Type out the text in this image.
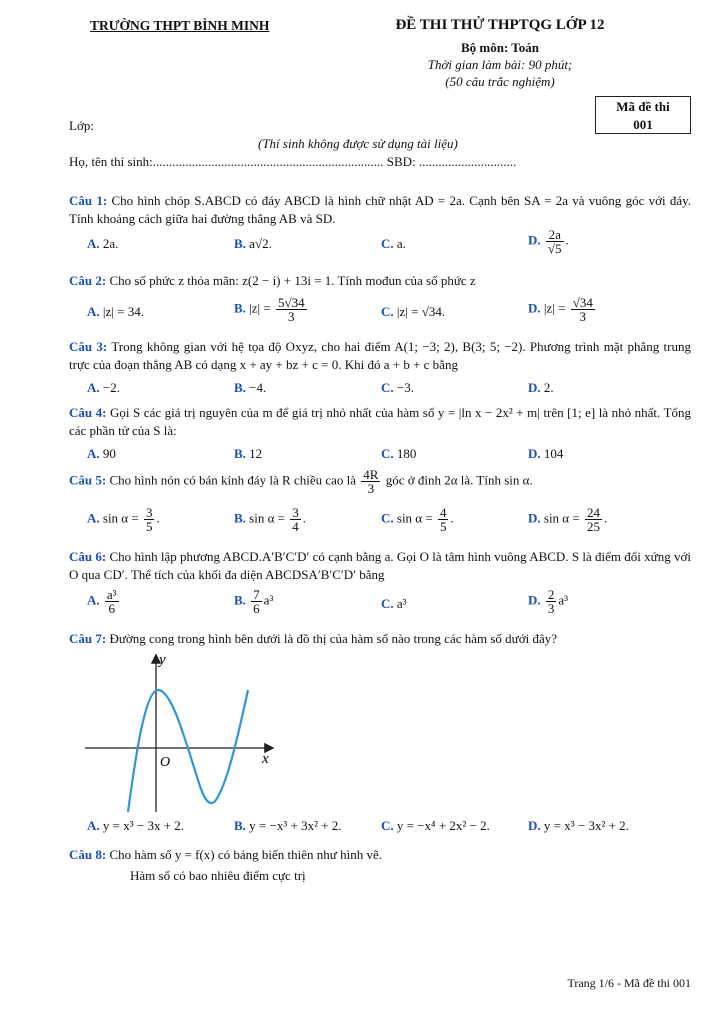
TRƯỜNG THPT BÌNH MINH	ĐỀ THI THỬ THPTQG LỚP 12
Bộ môn: Toán
Thời gian làm bài: 90 phút;
(50 câu trắc nghiệm)
Mã đề thi
001
Lớp:
(Thí sinh không được sử dụng tài liệu)
Họ, tên thí sinh:....................................................................... SBD: ..............................
Câu 1: Cho hình chóp S.ABCD có đáy ABCD là hình chữ nhật AD = 2a. Cạnh bên SA = 2a và vuông góc với đáy. Tính khoảng cách giữa hai đường thẳng AB và SD.
A. 2a.	B. a√2.	C. a.	D. $\frac{2a}{√5}$ .
Câu 2: Cho số phức z thỏa mãn: z(2 − i) + 13i = 1. Tính mođun của số phức z
A. |z| = 34.	B. $|z| = \frac{5√34}{3}$	C. |z| = √34.	D. $|z| = \frac{√34}{3}$
Câu 3: Trong không gian với hệ tọa độ Oxyz, cho hai điểm A(1; −3; 2), B(3; 5; −2). Phương trình mặt phẳng trung trực của đoạn thẳng AB có dạng x + ay + bz + c = 0. Khi đó a + b + c bằng
A. −2.	B. −4.	C. −3.	D. 2.
Câu 4: Gọi S các giá trị nguyên của m để giá trị nhỏ nhất của hàm số y = |ln x − 2x² + m| trên [1; e] là nhỏ nhất. Tổng các phần tử của S là:
A. 90	B. 12	C. 180	D. 104
Câu 5: Cho hình nón có bán kính đáy là R chiều cao là $\frac{4R}{3}$ góc ở đỉnh 2α là. Tính sin α.
A. $\sin \alpha = \frac{3}{5}$ .	B. $\sin \alpha = \frac{3}{4}$ .	C. $\sin \alpha = \frac{4}{5}$ .	D. $\sin \alpha = \frac{24}{25}$ .
Câu 6: Cho hình lập phương ABCD.A′B′C′D′ có cạnh bằng a. Gọi O là tâm hình vuông ABCD. S là điểm đối xứng với O qua CD′. Thể tích của khối đa diện ABCDSA′B′C′D′ bằng
A. $\frac{\text{a³}}{6}$	B. $\frac{7}{6} a^3$	C. a³	D. $\frac{2}{3} a^3$
Câu 7: Đường cong trong hình bên dưới là đồ thị của hàm số nào trong các hàm số dưới đây?
y
x
O
A. y = x³ − 3x + 2.	B. y = −x³ + 3x² + 2.	C. y = −x⁴ + 2x² − 2.	D. y = x³ − 3x² + 2.
Câu 8: Cho hàm số y = f(x) có bảng biến thiên như hình vẽ.
Hàm số có bao nhiêu điểm cực trị
Trang 1/6 - Mã đề thi 001
